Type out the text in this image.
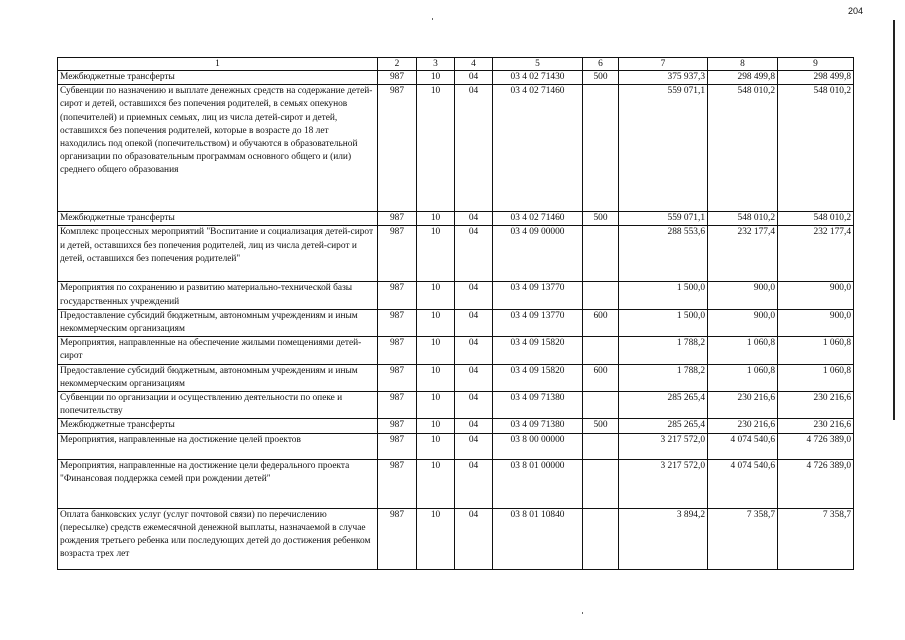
204
1	2	3	4	5	6	7	8	9
Межбюджетные трансферты	987	10	04	03 4 02 71430	500	375 937,3	298 499,8	298 499,8
Субвенции по назначению и выплате денежных средств на содержание детей-сирот и детей, оставшихся без попечения родителей, в семьях опекунов (попечителей) и приемных семьях, лиц из числа детей-сирот и детей, оставшихся без попечения родителей, которые в возрасте до 18 лет находились под опекой (попечительством) и обучаются в образовательной организации по образовательным программам основного общего и (или) среднего общего образования	987	10	04	03 4 02 71460		559 071,1	548 010,2	548 010,2
Межбюджетные трансферты	987	10	04	03 4 02 71460	500	559 071,1	548 010,2	548 010,2
Комплекс процессных мероприятий "Воспитание и социализация детей-сирот и детей, оставшихся без попечения родителей, лиц из числа детей-сирот и детей, оставшихся без попечения родителей"	987	10	04	03 4 09 00000		288 553,6	232 177,4	232 177,4
Мероприятия по сохранению и развитию материально-технической базы государственных учреждений	987	10	04	03 4 09 13770		1 500,0	900,0	900,0
Предоставление субсидий бюджетным, автономным учреждениям и иным некоммерческим организациям	987	10	04	03 4 09 13770	600	1 500,0	900,0	900,0
Мероприятия, направленные на обеспечение жилыми помещениями детей-сирот	987	10	04	03 4 09 15820		1 788,2	1 060,8	1 060,8
Предоставление субсидий бюджетным, автономным учреждениям и иным некоммерческим организациям	987	10	04	03 4 09 15820	600	1 788,2	1 060,8	1 060,8
Субвенции по организации и осуществлению деятельности по опеке и попечительству	987	10	04	03 4 09 71380		285 265,4	230 216,6	230 216,6
Межбюджетные трансферты	987	10	04	03 4 09 71380	500	285 265,4	230 216,6	230 216,6
Мероприятия, направленные на достижение целей проектов	987	10	04	03 8 00 00000		3 217 572,0	4 074 540,6	4 726 389,0
Мероприятия, направленные на достижение цели федерального проекта "Финансовая поддержка семей при рождении детей"	987	10	04	03 8 01 00000		3 217 572,0	4 074 540,6	4 726 389,0
Оплата банковских услуг (услуг почтовой связи) по перечислению (пересылке) средств ежемесячной денежной выплаты, назначаемой в случае рождения третьего ребенка или последующих детей до достижения ребенком возраста трех лет	987	10	04	03 8 01 10840		3 894,2	7 358,7	7 358,7
